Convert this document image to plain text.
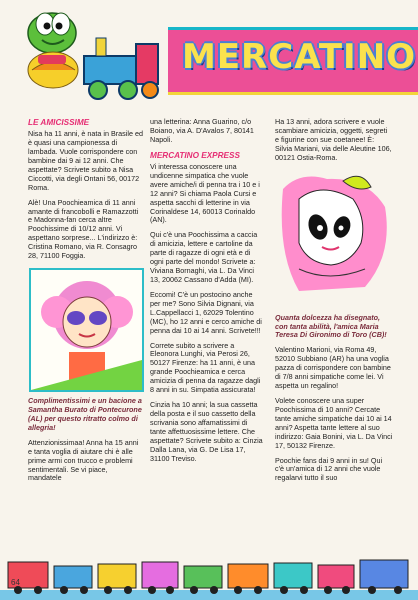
MERCATINO
LE AMICISSIME

Nisa ha 11 anni, è nata in Brasile ed è quasi una campionessa di lambada. Vuole corrispondere con bambine dai 9 ai 12 anni. Che aspettate? Scrivete subito a Nisa Ciccotti, via degli Ontani 56, 00172 Roma.

Alè! Una Poochieamica di 11 anni amante di francobolli e Ramazzotti e Madonna-fan cerca altre Poochissime di 10/12 anni. Vi aspettano sorprese... L'indirizzo è: Cristina Romano, via R. Consagro 28, 71100 Foggia.

Complimentissimi e un bacione a Samantha Burato di Pontecurone (AL) per questo ritratto colmo di allegria!

Attenzionissimaa! Anna ha 15 anni e tanta voglia di aiutare chi è alle prime armi con trucco e problemi sentimentali. Se vi piace, mandatele

una letterina: Anna Guarino, c/o Boiano, via A. D'Avalos 7, 80141 Napoli.

MERCATINO EXPRESS

Vi interessa conoscere una undicenne simpatica che vuole avere amiche/i di penna tra i 10 e i 12 anni? Si chiama Paola Cursi e aspetta sacchi di letterine in via Corinaldese 14, 60013 Corinaldo (AN).

Qui c'è una Poochissima a caccia di amicizia, lettere e cartoline da parte di ragazze di ogni età e di ogni parte del mondo! Scrivete a: Viviana Bornaghi, via L. Da Vinci 13, 20062 Cassano d'Adda (MI).

Eccomi! C'è un postocino anche per me? Sono Silvia Dignani, via L.Cappellacci 1, 62029 Tolentino (MC), ho 12 anni e cerco amiche di penna dai 10 ai 14 anni. Scrivete!!!

Correte subito a scrivere a Eleonora Lunghi, via Perosi 26, 50127 Firenze: ha 11 anni, è una grande Poochieamica e cerca amicizia di penna da ragazze dagli 8 anni in su. Simpatia assicurata!

Cinzia ha 10 anni; la sua cassetta della posta e il suo cassetto della scrivania sono affamatissimi di tante affettuosissime lettere. Che aspettate? Scrivete subito a: Cinzia Dalla Lana, via G. De Lisa 17, 31100 Treviso.

Ha 13 anni, adora scrivere e vuole scambiare amicizia, oggetti, segreti e figurine con sue coetanee! È: Silvia Mariani, via delle Aleutine 106, 00121 Ostia-Roma.

Quanta dolcezza ha disegnato, con tanta abilità, l'amica Maria Teresa Di Gironimo di Toro (CB)!

Valentino Marioni, via Roma 49, 52010 Subbiano (AR) ha una voglia pazza di corrispondere con bambine di 7/8 anni simpatiche come lei. Vi aspetta un regalino!

Volete conoscere una super Poochissima di 10 anni? Cercate tante amiche simpatiche dai 10 ai 14 anni? Aspetta tante lettere al suo indirizzo: Gaia Bonini, via L. Da Vinci 17, 50132 Firenze.

Poochie fans dai 9 anni in su! Qui c'è un'amica di 12 anni che vuole regalarvi tutto il suo

64
